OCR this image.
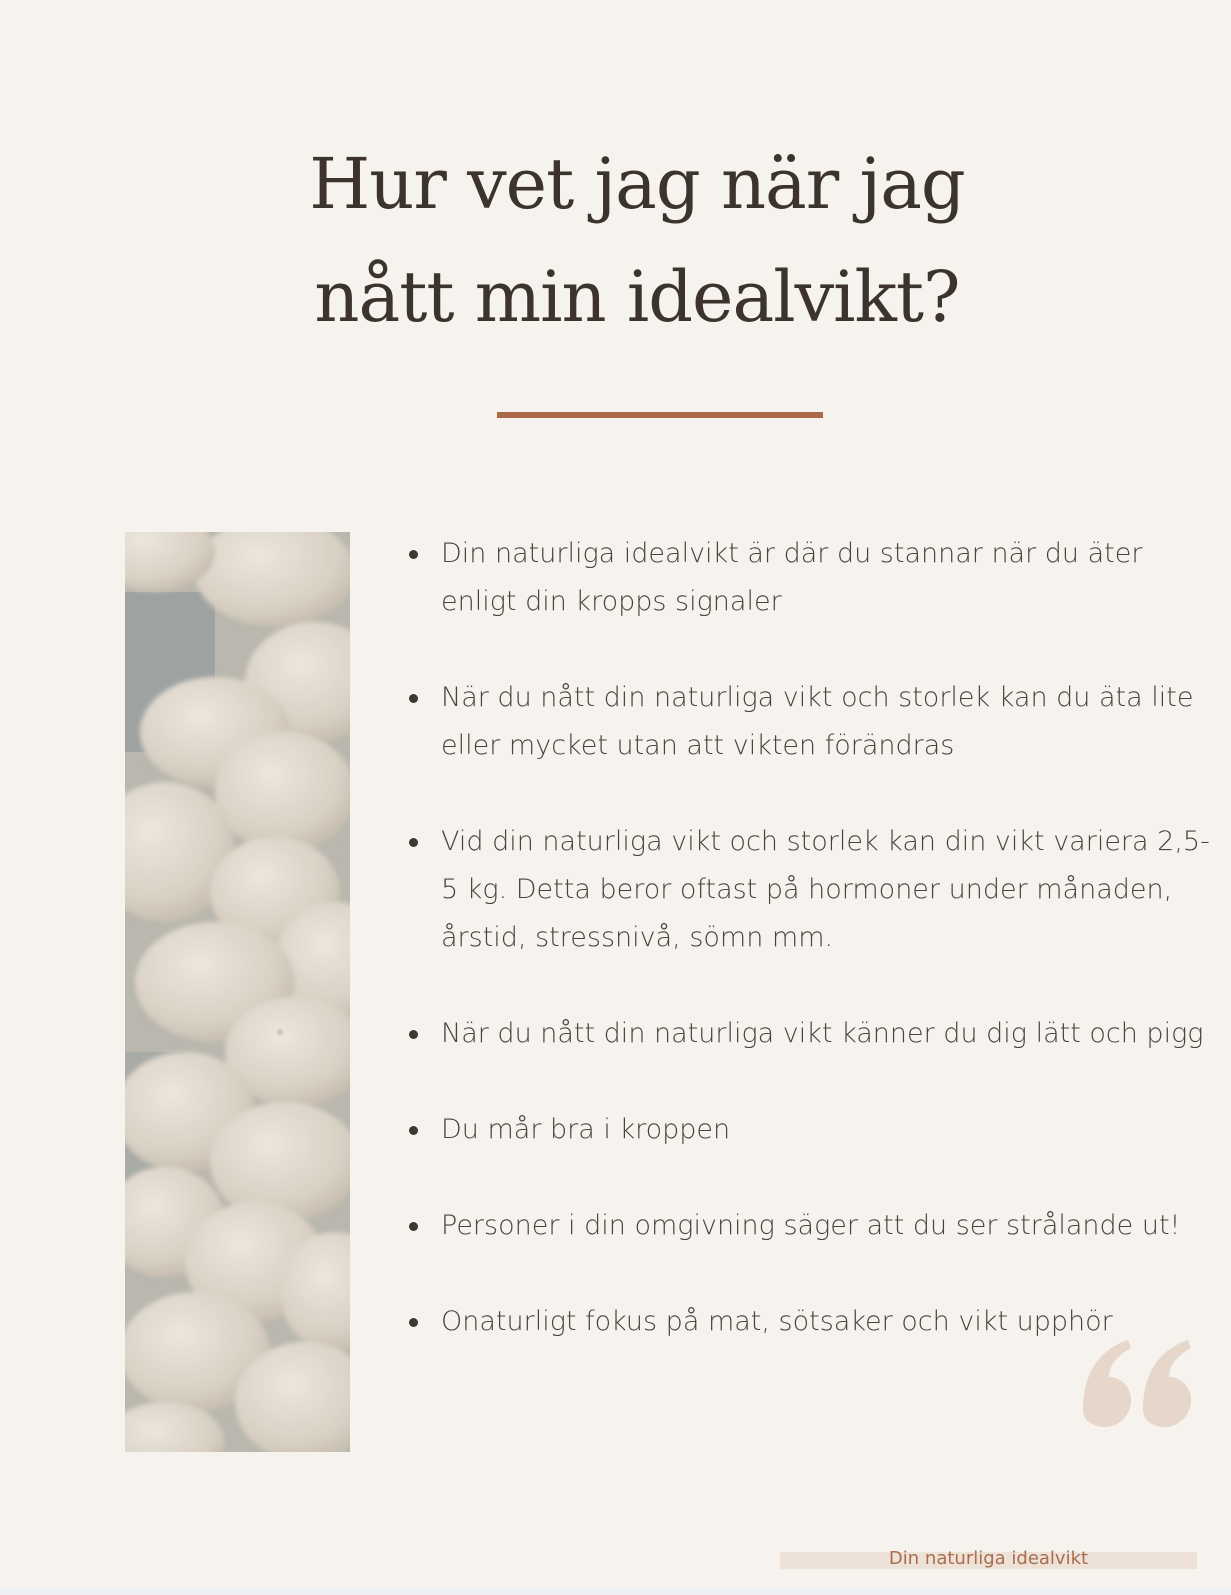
Hur vet jag när jag
nått min idealvikt?
Din naturliga idealvikt är där du stannar när du äter enligt din kropps signaler
När du nått din naturliga vikt och storlek kan du äta lite eller mycket utan att vikten förändras
Vid din naturliga vikt och storlek kan din vikt variera 2,5-5 kg. Detta beror oftast på hormoner under månaden, årstid, stressnivå, sömn mm.
När du nått din naturliga vikt känner du dig lätt och pigg
Du mår bra i kroppen
Personer i din omgivning säger att du ser strålande ut!
Onaturligt fokus på mat, sötsaker och vikt upphör
Din naturliga idealvikt
